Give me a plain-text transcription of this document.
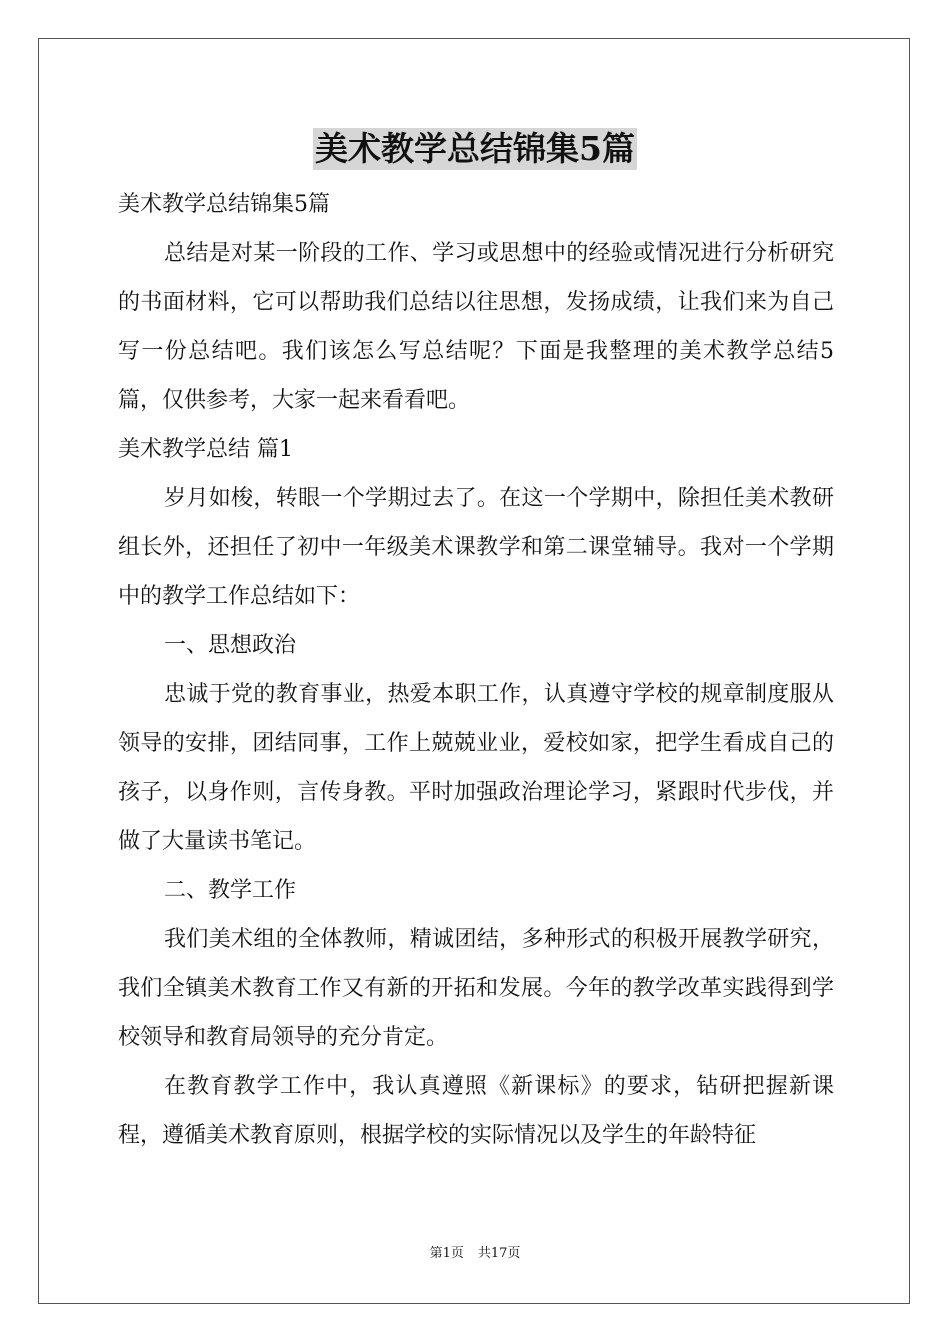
美术教学总结锦集5篇

美术教学总结锦集5篇

总结是对某一阶段的工作、学习或思想中的经验或情况进行分析研究的书面材料，它可以帮助我们总结以往思想，发扬成绩，让我们来为自己写一份总结吧。我们该怎么写总结呢？下面是我整理的美术教学总结5篇，仅供参考，大家一起来看看吧。

美术教学总结 篇1

岁月如梭，转眼一个学期过去了。在这一个学期中，除担任美术教研组长外，还担任了初中一年级美术课教学和第二课堂辅导。我对一个学期中的教学工作总结如下：

一、思想政治

忠诚于党的教育事业，热爱本职工作，认真遵守学校的规章制度服从领导的安排，团结同事，工作上兢兢业业，爱校如家，把学生看成自己的孩子，以身作则，言传身教。平时加强政治理论学习，紧跟时代步伐，并做了大量读书笔记。

二、教学工作

我们美术组的全体教师，精诚团结，多种形式的积极开展教学研究，我们全镇美术教育工作又有新的开拓和发展。今年的教学改革实践得到学校领导和教育局领导的充分肯定。

在教育教学工作中，我认真遵照《新课标》的要求，钻研把握新课程，遵循美术教育原则，根据学校的实际情况以及学生的年龄特征

第1页 共17页
